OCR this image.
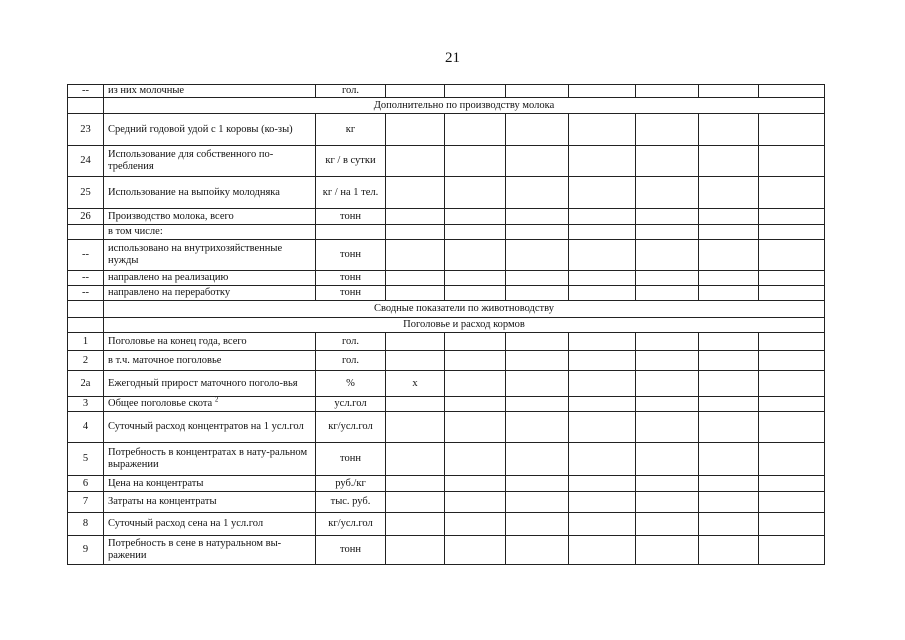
21
--	из них молочные	гол.							
	Дополнительно по производству молока								
23	Средний годовой удой с 1 коровы (ко-зы)	кг							
24	Использование для собственного по-требления	кг / в сутки							
25	Использование на выпойку молодняка	кг / на 1 тел.							
26	Производство молока, всего	тонн							
	в том числе:								
--	использовано на внутрихозяйственные нужды	тонн							
--	направлено на реализацию	тонн							
--	направлено на переработку	тонн							
	Сводные показатели по животноводству								
	Поголовье и расход кормов								
1	Поголовье на конец года, всего	гол.							
2	в т.ч. маточное поголовье	гол.							
2а	Ежегодный прирост маточного поголо-вья	%	х						
3	Общее поголовье скота $^2$	усл.гол							
4	Суточный расход концентратов на 1 усл.гол	кг/усл.гол							
5	Потребность в концентратах в нату-ральном выражении	тонн							
6	Цена на концентраты	руб./кг							
7	Затраты на концентраты	тыс. руб.							
8	Суточный расход сена на 1 усл.гол	кг/усл.гол							
9	Потребность в сене в натуральном вы-ражении	тонн							
